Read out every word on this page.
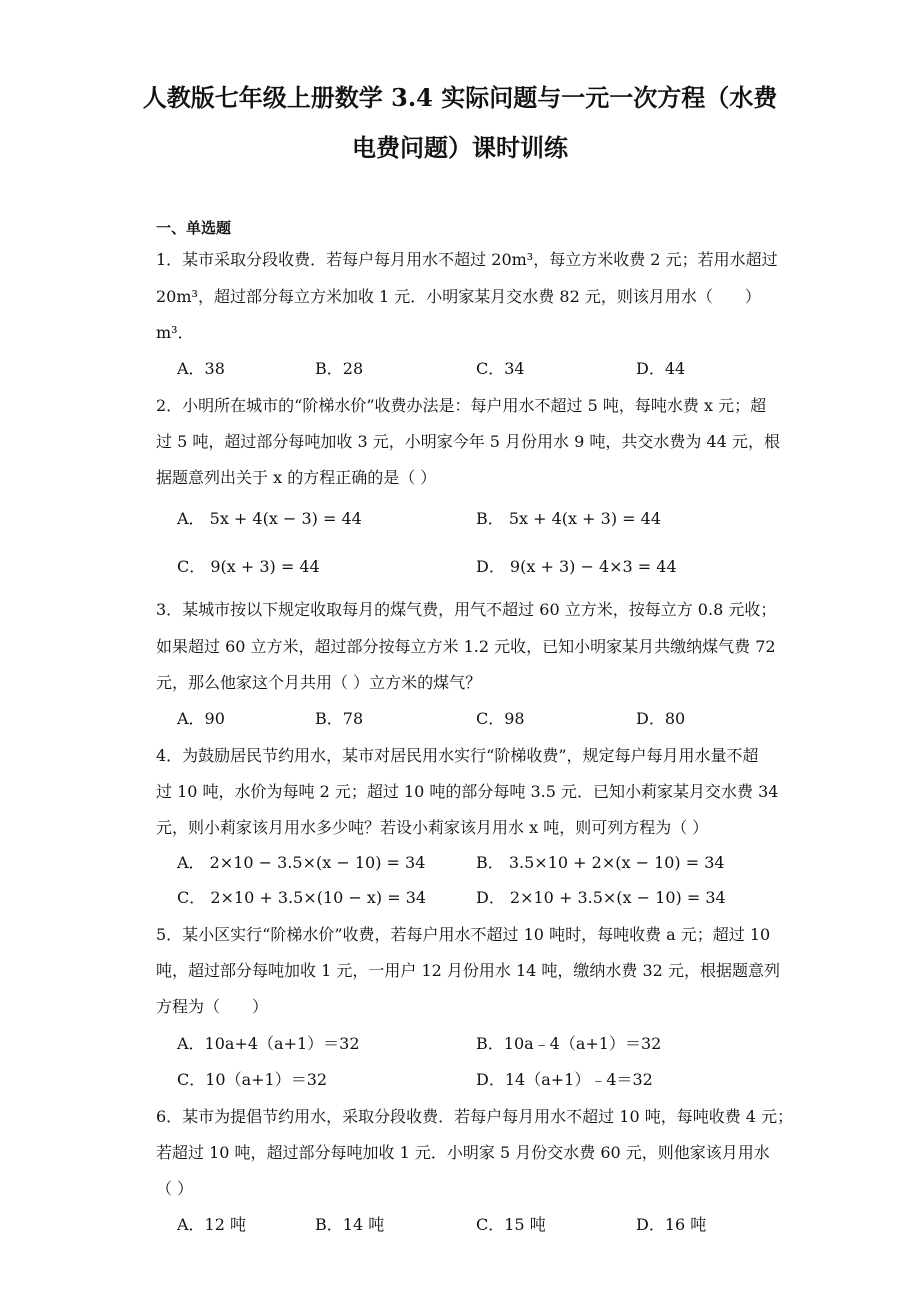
人教版七年级上册数学 3.4 实际问题与一元一次方程（水费
电费问题）课时训练
一、单选题
1．某市采取分段收费．若每户每月用水不超过 20m³，每立方米收费 2 元；若用水超过
20m³，超过部分每立方米加收 1 元．小明家某月交水费 82 元，则该月用水（　　）
m³．
A．38	B．28	C．34	D．44
2．小明所在城市的“阶梯水价”收费办法是：每户用水不超过 5 吨，每吨水费 x 元；超
过 5 吨，超过部分每吨加收 3 元，小明家今年 5 月份用水 9 吨，共交水费为 44 元，根
据题意列出关于 x 的方程正确的是（ ）
A． 5x + 4(x − 3) = 44	B． 5x + 4(x + 3) = 44
C． 9(x + 3) = 44	D． 9(x + 3) − 4×3 = 44
3．某城市按以下规定收取每月的煤气费，用气不超过 60 立方米，按每立方 0.8 元收；
如果超过 60 立方米，超过部分按每立方米 1.2 元收，已知小明家某月共缴纳煤气费 72
元，那么他家这个月共用（ ）立方米的煤气？
A．90	B．78	C．98	D．80
4．为鼓励居民节约用水，某市对居民用水实行“阶梯收费”，规定每户每月用水量不超
过 10 吨，水价为每吨 2 元；超过 10 吨的部分每吨 3.5 元．已知小莉家某月交水费 34
元，则小莉家该月用水多少吨？若设小莉家该月用水 x 吨，则可列方程为（ ）
A． 2×10 − 3.5×(x − 10) = 34	B． 3.5×10 + 2×(x − 10) = 34
C． 2×10 + 3.5×(10 − x) = 34	D． 2×10 + 3.5×(x − 10) = 34
5．某小区实行“阶梯水价”收费，若每户用水不超过 10 吨时，每吨收费 a 元；超过 10
吨，超过部分每吨加收 1 元，一用户 12 月份用水 14 吨，缴纳水费 32 元，根据题意列
方程为（　　）
A．10a+4（a+1）＝32	B．10a﹣4（a+1）＝32
C．10（a+1）＝32	D．14（a+1）﹣4＝32
6．某市为提倡节约用水，采取分段收费．若每户每月用水不超过 10 吨，每吨收费 4 元；
若超过 10 吨，超过部分每吨加收 1 元．小明家 5 月份交水费 60 元，则他家该月用水
（ ）
A．12 吨	B．14 吨	C．15 吨	D．16 吨
